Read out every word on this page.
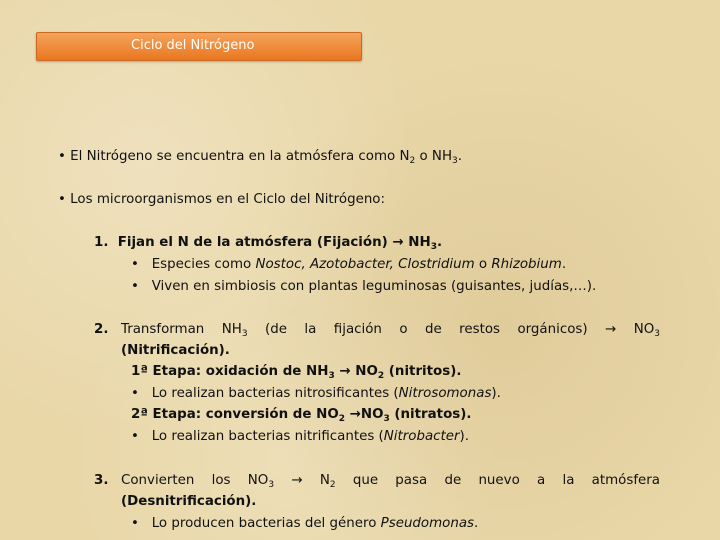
Ciclo del Nitrógeno
• El Nitrógeno se encuentra en la atmósfera como $N_2$ o $NH_3$.
• Los microorganismos en el Ciclo del Nitrógeno:
1. Fijan el N de la atmósfera (Fijación) → $NH_3$.
• Especies como Nostoc, Azotobacter, Clostridium o Rhizobium.
• Viven en simbiosis con plantas leguminosas (guisantes, judías,…).
2. Transforman $NH_3$ (de la fijación o de restos orgánicos) → $NO_3$
(Nitrificación).
1ª Etapa: oxidación de $NH_3 \to NO_2$ (nitritos).
• Lo realizan bacterias nitrosificantes (Nitrosomonas).
2ª Etapa: conversión de $NO_2 \to NO_3$ (nitratos).
• Lo realizan bacterias nitrificantes (Nitrobacter).
3. Convierten los $NO_3 \to N_2$ que pasa de nuevo a la atmósfera
(Desnitrificación).
• Lo producen bacterias del género Pseudomonas.
